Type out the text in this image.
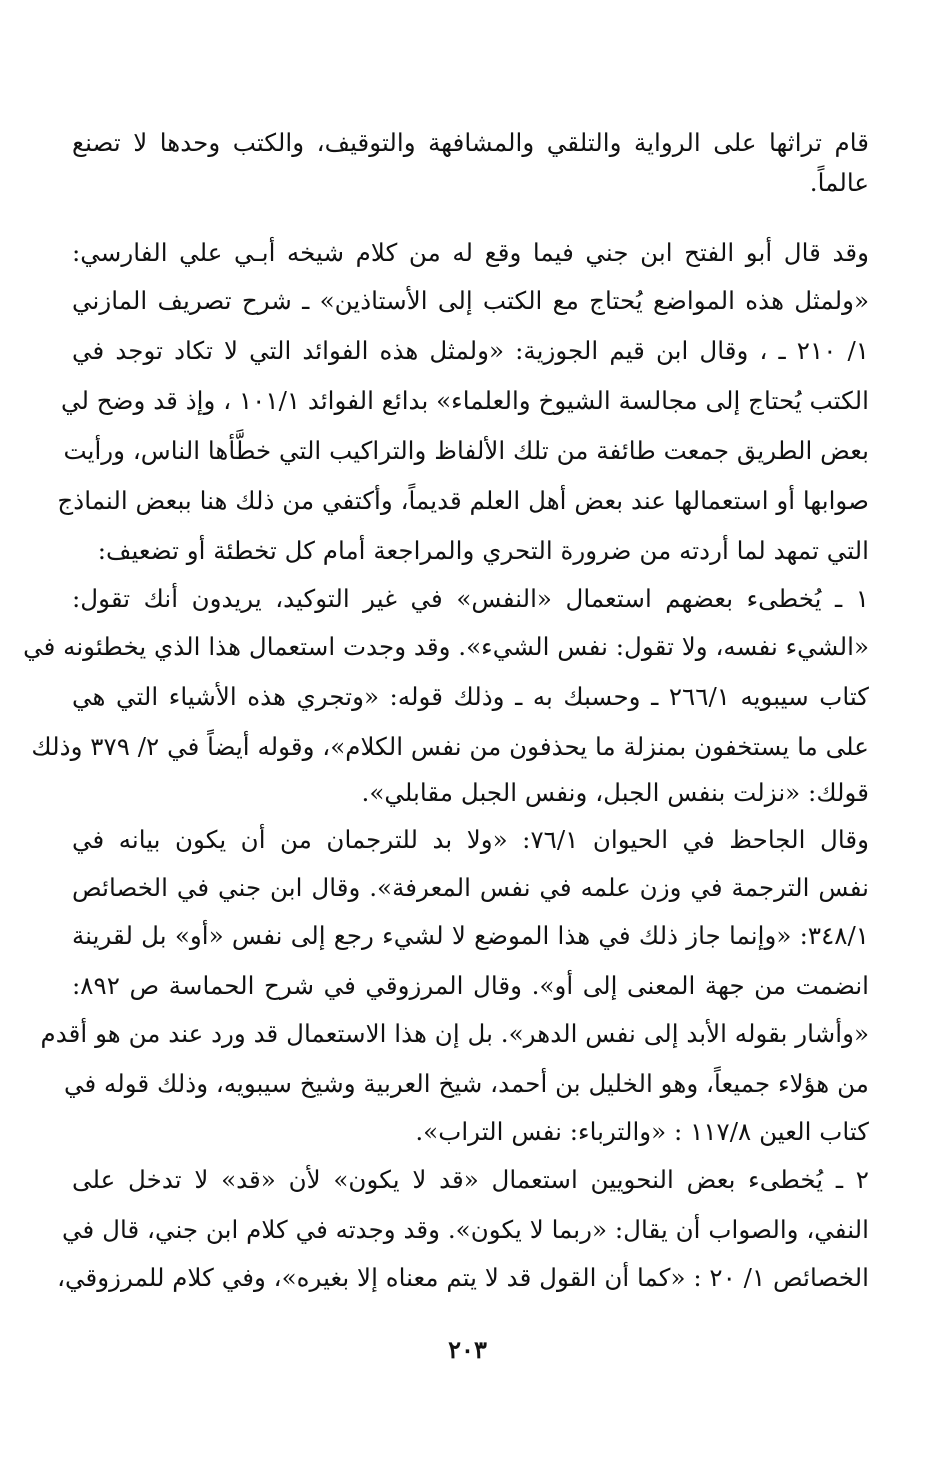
قام تراثها على الرواية والتلقي والمشافهة والتوقيف، والكتب وحدها لا تصنع
عالماً.
وقد قال أبو الفتح ابن جني فيما وقع له من كلام شيخه أبـي علي الفارسي:
«ولمثل هذه المواضع يُحتاج مع الكتب إلى الأستاذين» ـ شرح تصريف المازني
١/ ٢١٠ ـ ، وقال ابن قيم الجوزية: «ولمثل هذه الفوائد التي لا تكاد توجد في
الكتب يُحتاج إلى مجالسة الشيوخ والعلماء» بدائع الفوائد ١٠١/١ ، وإذ قد وضح لي
بعض الطريق جمعت طائفة من تلك الألفاظ والتراكيب التي خطَّأها الناس، ورأيت
صوابها أو استعمالها عند بعض أهل العلم قديماً، وأكتفي من ذلك هنا ببعض النماذج
التي تمهد لما أردته من ضرورة التحري والمراجعة أمام كل تخطئة أو تضعيف:
١ ـ يُخطىء بعضهم استعمال «النفس» في غير التوكيد، يريدون أنك تقول:
«الشيء نفسه، ولا تقول: نفس الشيء». وقد وجدت استعمال هذا الذي يخطئونه في
كتاب سيبويه ٢٦٦/١ ـ وحسبك به ـ وذلك قوله: «وتجري هذه الأشياء التي هي
على ما يستخفون بمنزلة ما يحذفون من نفس الكلام»، وقوله أيضاً في ٢/ ٣٧٩ وذلك
قولك: «نزلت بنفس الجبل، ونفس الجبل مقابلي».
وقال الجاحظ في الحيوان ٧٦/١: «ولا بد للترجمان من أن يكون بيانه في
نفس الترجمة في وزن علمه في نفس المعرفة». وقال ابن جني في الخصائص
٣٤٨/١: «وإنما جاز ذلك في هذا الموضع لا لشيء رجع إلى نفس «أو» بل لقرينة
انضمت من جهة المعنى إلى أو». وقال المرزوقي في شرح الحماسة ص ٨٩٢:
«وأشار بقوله الأبد إلى نفس الدهر». بل إن هذا الاستعمال قد ورد عند من هو أقدم
من هؤلاء جميعاً، وهو الخليل بن أحمد، شيخ العربية وشيخ سيبويه، وذلك قوله في
كتاب العين ١١٧/٨ : «والترباء: نفس التراب».
٢ ـ يُخطىء بعض النحويين استعمال «قد لا يكون» لأن «قد» لا تدخل على
النفي، والصواب أن يقال: «ربما لا يكون». وقد وجدته في كلام ابن جني، قال في
الخصائص ١/ ٢٠ : «كما أن القول قد لا يتم معناه إلا بغيره»، وفي كلام للمرزوقي،
٢٠٣
